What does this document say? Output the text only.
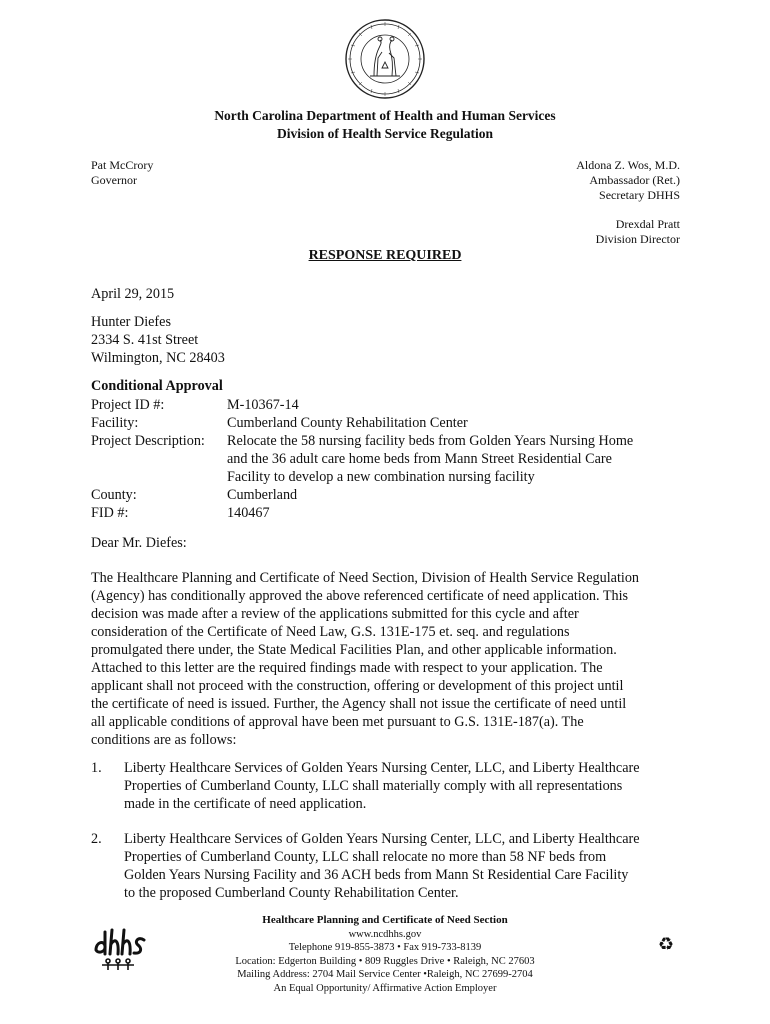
North Carolina Department of Health and Human Services
Division of Health Service Regulation
Pat McCrory
Governor
Aldona Z. Wos, M.D.
Ambassador (Ret.)
Secretary DHHS
Drexdal Pratt
Division Director
RESPONSE REQUIRED
April 29, 2015
Hunter Diefes
2334 S. 41st Street
Wilmington, NC 28403
Conditional Approval
Project ID #:	M-10367-14
Facility:	Cumberland County Rehabilitation Center
Project Description: Relocate the 58 nursing facility beds from Golden Years Nursing Home
and the 36 adult care home beds from Mann Street Residential Care
Facility to develop a new combination nursing facility
County:	Cumberland
FID #:	140467
Dear Mr. Diefes:
The Healthcare Planning and Certificate of Need Section, Division of Health Service Regulation
(Agency) has conditionally approved the above referenced certificate of need application. This
decision was made after a review of the applications submitted for this cycle and after
consideration of the Certificate of Need Law, G.S. 131E-175 et. seq. and regulations
promulgated there under, the State Medical Facilities Plan, and other applicable information.
Attached to this letter are the required findings made with respect to your application. The
applicant shall not proceed with the construction, offering or development of this project until
the certificate of need is issued. Further, the Agency shall not issue the certificate of need until
all applicable conditions of approval have been met pursuant to G.S. 131E-187(a). The
conditions are as follows:
1. Liberty Healthcare Services of Golden Years Nursing Center, LLC, and Liberty Healthcare
Properties of Cumberland County, LLC shall materially comply with all representations
made in the certificate of need application.
2. Liberty Healthcare Services of Golden Years Nursing Center, LLC, and Liberty Healthcare
Properties of Cumberland County, LLC shall relocate no more than 58 NF beds from
Golden Years Nursing Facility and 36 ACH beds from Mann St Residential Care Facility
to the proposed Cumberland County Rehabilitation Center.
Healthcare Planning and Certificate of Need Section
www.ncdhhs.gov
Telephone 919-855-3873 • Fax 919-733-8139
Location: Edgerton Building • 809 Ruggles Drive • Raleigh, NC 27603
Mailing Address: 2704 Mail Service Center •Raleigh, NC 27699-2704
An Equal Opportunity/ Affirmative Action Employer
♻
